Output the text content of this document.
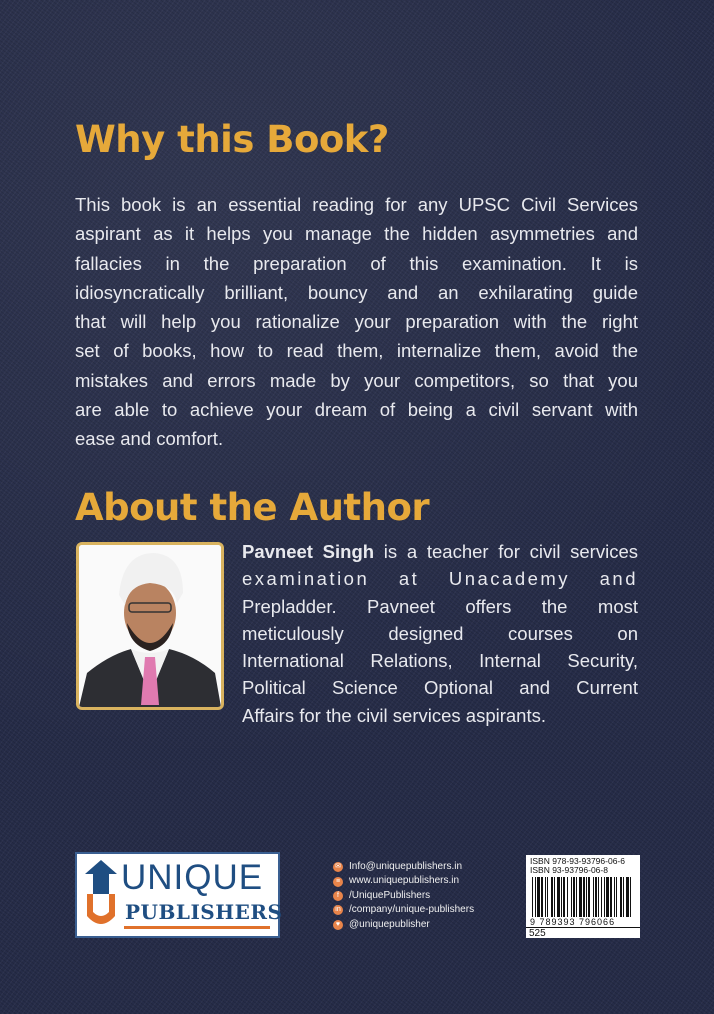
Why this Book?
This book is an essential reading for any UPSC Civil Services
aspirant as it helps you manage the hidden asymmetries and
fallacies in the preparation of this examination. It is
idiosyncratically brilliant, bouncy and an exhilarating guide
that will help you rationalize your preparation with the right
set of books, how to read them, internalize them, avoid the
mistakes and errors made by your competitors, so that you
are able to achieve your dream of being a civil servant with
ease and comfort.
About the Author
Pavneet Singh is a teacher for civil services
examination at Unacademy and
Prepladder. Pavneet offers the most
meticulously designed courses on
International Relations, Internal Security,
Political Science Optional and Current
Affairs for the civil services aspirants.
UNIQUE
PUBLISHERS
✉ Info@uniquepublishers.in
≡ www.uniquepublishers.in
f	/UniquePublishers
in /company/unique-publishers
♥ @uniquepublisher
ISBN 978-93-93796-06-6
ISBN 93-93796-06-8
9 789393 796066
525
